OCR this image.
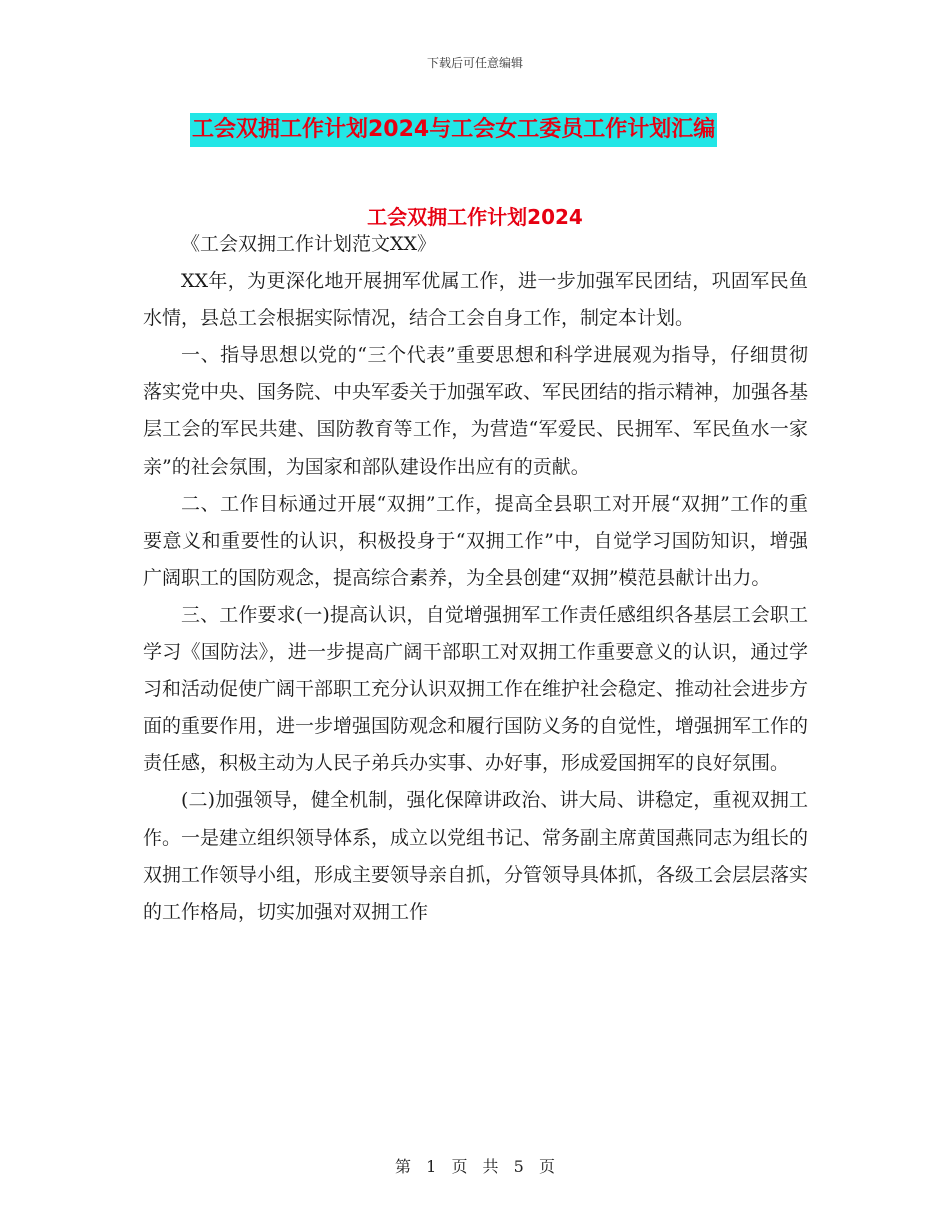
下载后可任意编辑
工会双拥工作计划2024与工会女工委员工作计划汇编
工会双拥工作计划2024

《工会双拥工作计划范文XX》

XX年，为更深化地开展拥军优属工作，进一步加强军民团结，巩固军民鱼水情，县总工会根据实际情况，结合工会自身工作，制定本计划。

一、指导思想以党的“三个代表”重要思想和科学进展观为指导，仔细贯彻落实党中央、国务院、中央军委关于加强军政、军民团结的指示精神，加强各基层工会的军民共建、国防教育等工作，为营造“军爱民、民拥军、军民鱼水一家亲”的社会氛围，为国家和部队建设作出应有的贡献。

二、工作目标通过开展“双拥”工作，提高全县职工对开展“双拥”工作的重要意义和重要性的认识，积极投身于“双拥工作”中，自觉学习国防知识，增强广阔职工的国防观念，提高综合素养，为全县创建“双拥”模范县献计出力。

三、工作要求(一)提高认识，自觉增强拥军工作责任感组织各基层工会职工学习《国防法》，进一步提高广阔干部职工对双拥工作重要意义的认识，通过学习和活动促使广阔干部职工充分认识双拥工作在维护社会稳定、推动社会进步方面的重要作用，进一步增强国防观念和履行国防义务的自觉性，增强拥军工作的责任感，积极主动为人民子弟兵办实事、办好事，形成爱国拥军的良好氛围。

(二)加强领导，健全机制，强化保障讲政治、讲大局、讲稳定，重视双拥工作。一是建立组织领导体系，成立以党组书记、常务副主席黄国燕同志为组长的双拥工作领导小组，形成主要领导亲自抓，分管领导具体抓，各级工会层层落实的工作格局，切实加强对双拥工作

第 1 页 共 5 页
